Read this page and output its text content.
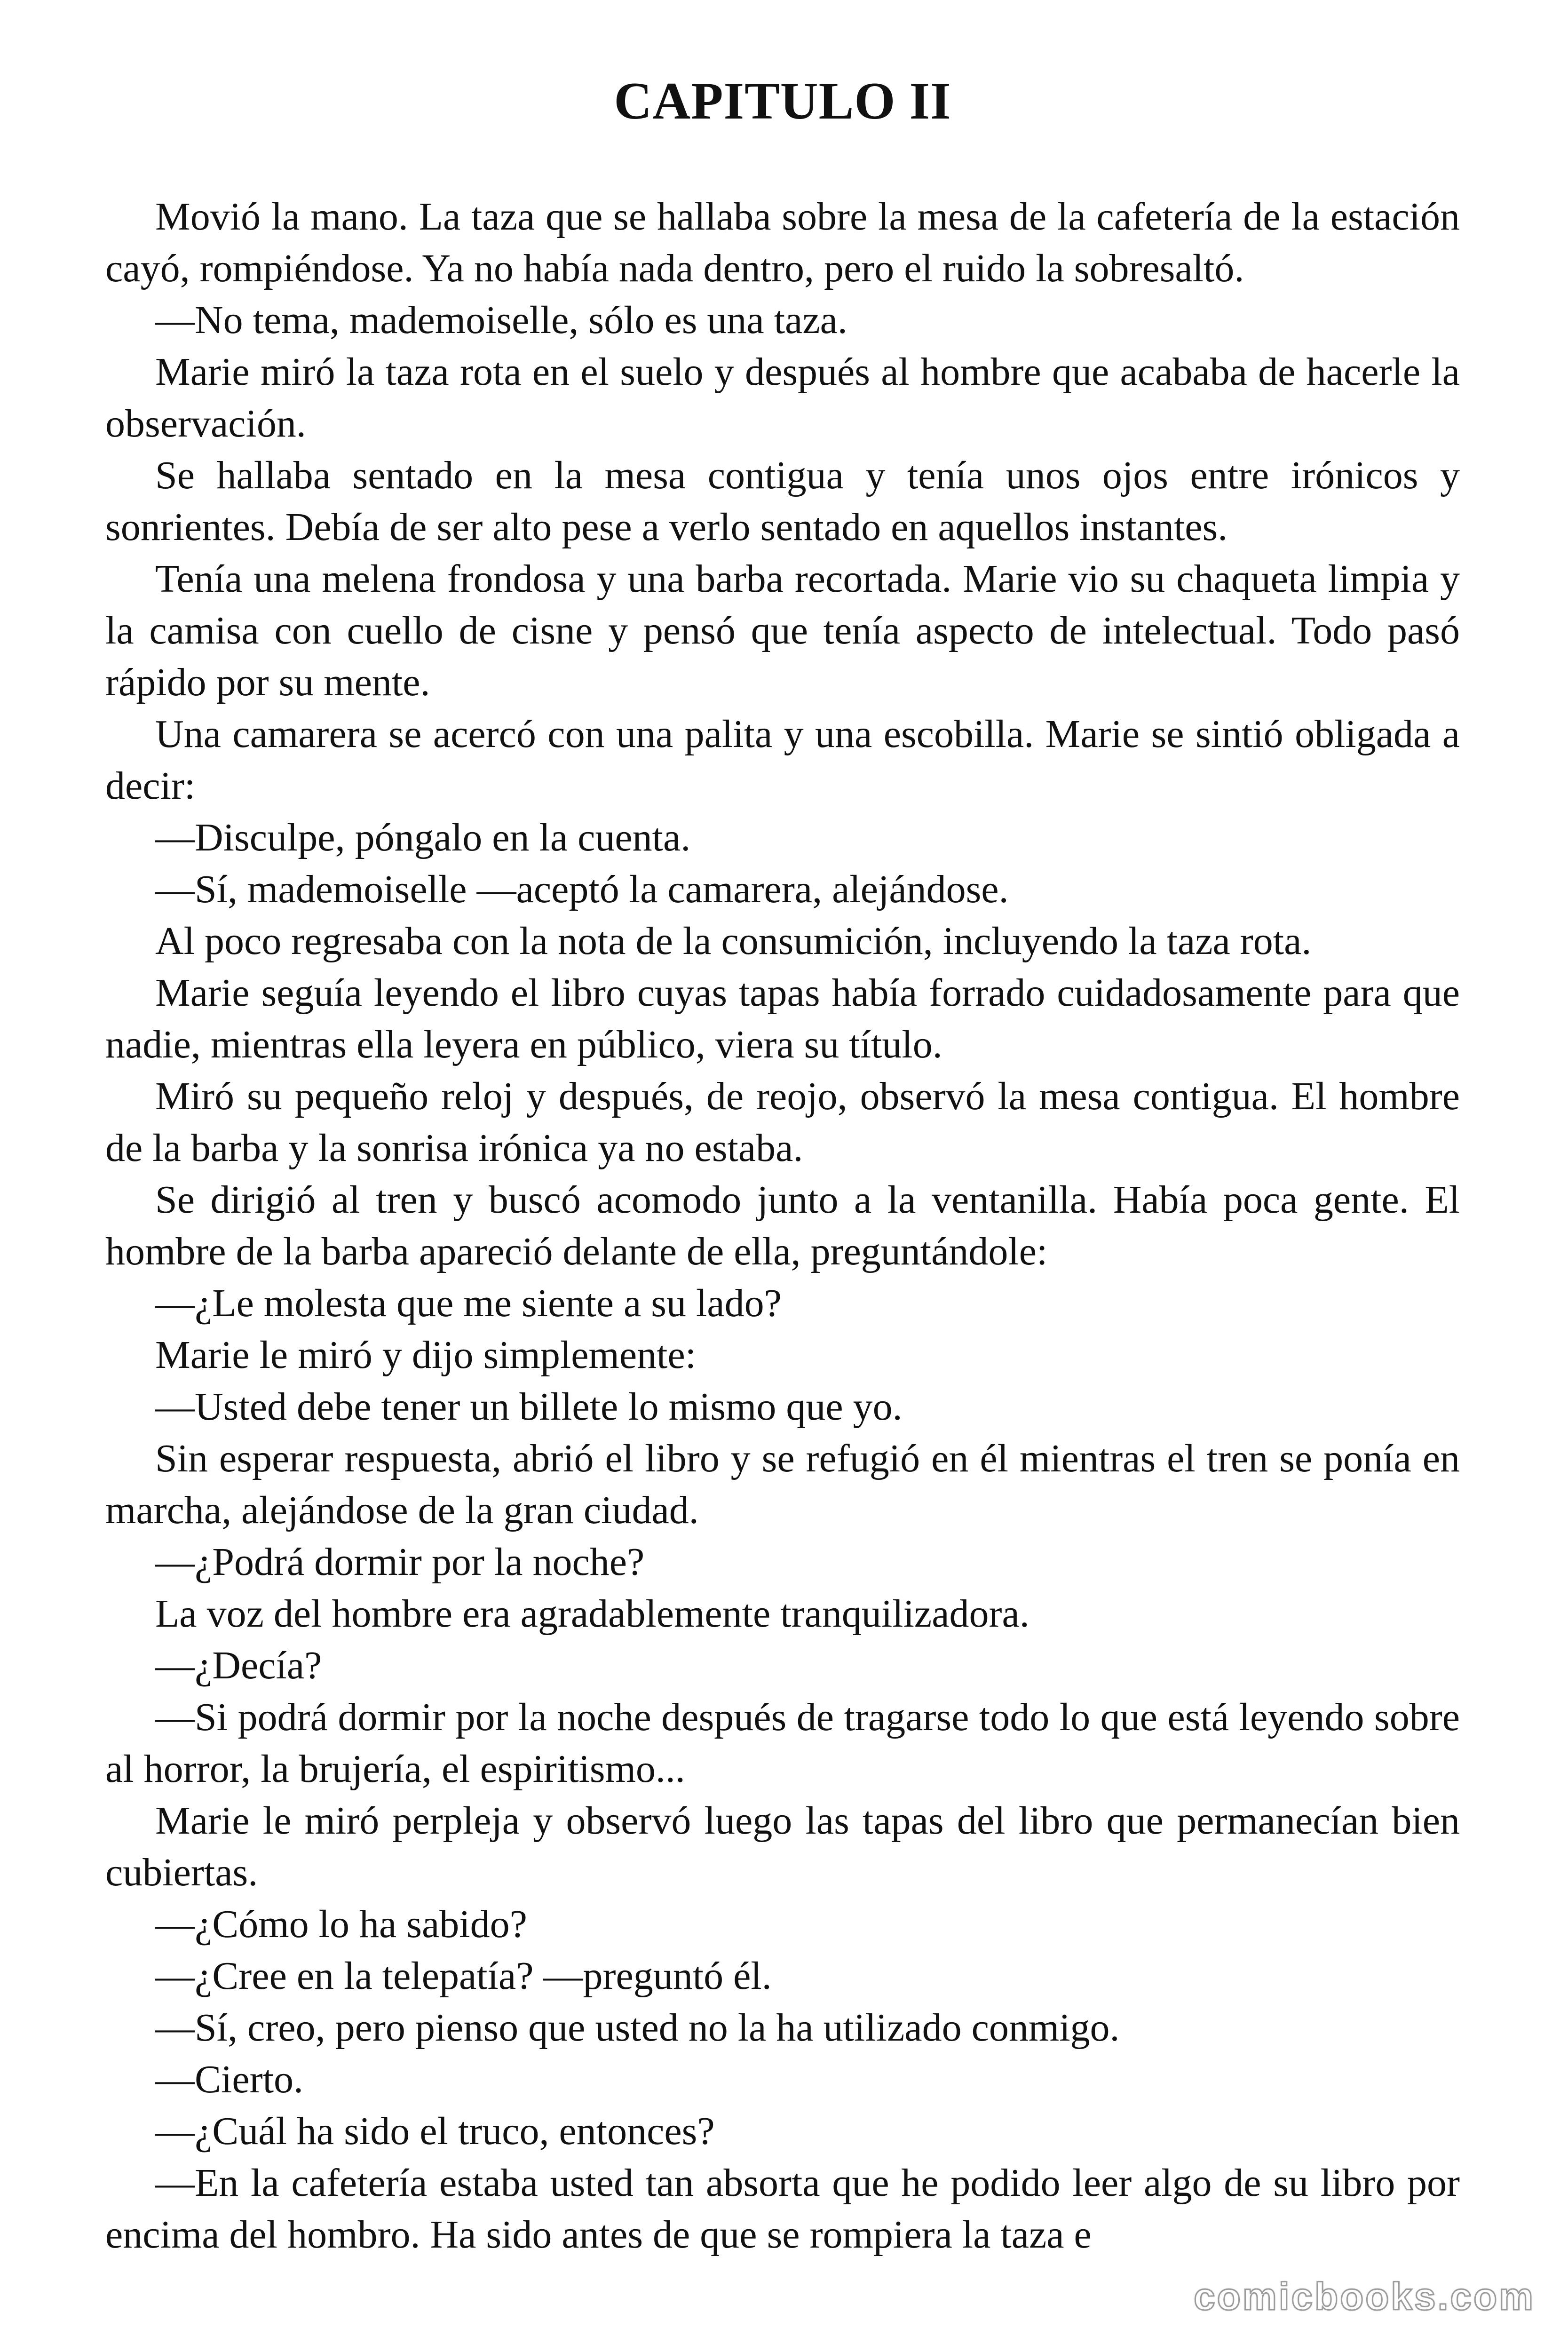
CAPITULO II

Movió la mano. La taza que se hallaba sobre la mesa de la cafetería de la estación cayó, rompiéndose. Ya no había nada dentro, pero el ruido la sobresaltó.

—No tema, mademoiselle, sólo es una taza.

Marie miró la taza rota en el suelo y después al hombre que acababa de hacerle la observación.

Se hallaba sentado en la mesa contigua y tenía unos ojos entre irónicos y sonrientes. Debía de ser alto pese a verlo sentado en aquellos instantes.

Tenía una melena frondosa y una barba recortada. Marie vio su chaqueta limpia y la camisa con cuello de cisne y pensó que tenía aspecto de intelectual. Todo pasó rápido por su mente.

Una camarera se acercó con una palita y una escobilla. Marie se sintió obligada a decir:

—Disculpe, póngalo en la cuenta.

—Sí, mademoiselle —aceptó la camarera, alejándose.

Al poco regresaba con la nota de la consumición, incluyendo la taza rota.

Marie seguía leyendo el libro cuyas tapas había forrado cuidadosamente para que nadie, mientras ella leyera en público, viera su título.

Miró su pequeño reloj y después, de reojo, observó la mesa contigua. El hombre de la barba y la sonrisa irónica ya no estaba.

Se dirigió al tren y buscó acomodo junto a la ventanilla. Había poca gente. El hombre de la barba apareció delante de ella, preguntándole:

—¿Le molesta que me siente a su lado?

Marie le miró y dijo simplemente:

—Usted debe tener un billete lo mismo que yo.

Sin esperar respuesta, abrió el libro y se refugió en él mientras el tren se ponía en marcha, alejándose de la gran ciudad.

—¿Podrá dormir por la noche?

La voz del hombre era agradablemente tranquilizadora.

—¿Decía?

—Si podrá dormir por la noche después de tragarse todo lo que está leyendo sobre al horror, la brujería, el espiritismo...

Marie le miró perpleja y observó luego las tapas del libro que permanecían bien cubiertas.

—¿Cómo lo ha sabido?

—¿Cree en la telepatía? —preguntó él.

—Sí, creo, pero pienso que usted no la ha utilizado conmigo.

—Cierto.

—¿Cuál ha sido el truco, entonces?

—En la cafetería estaba usted tan absorta que he podido leer algo de su libro por encima del hombro. Ha sido antes de que se rompiera la taza e

comicbooks.com
